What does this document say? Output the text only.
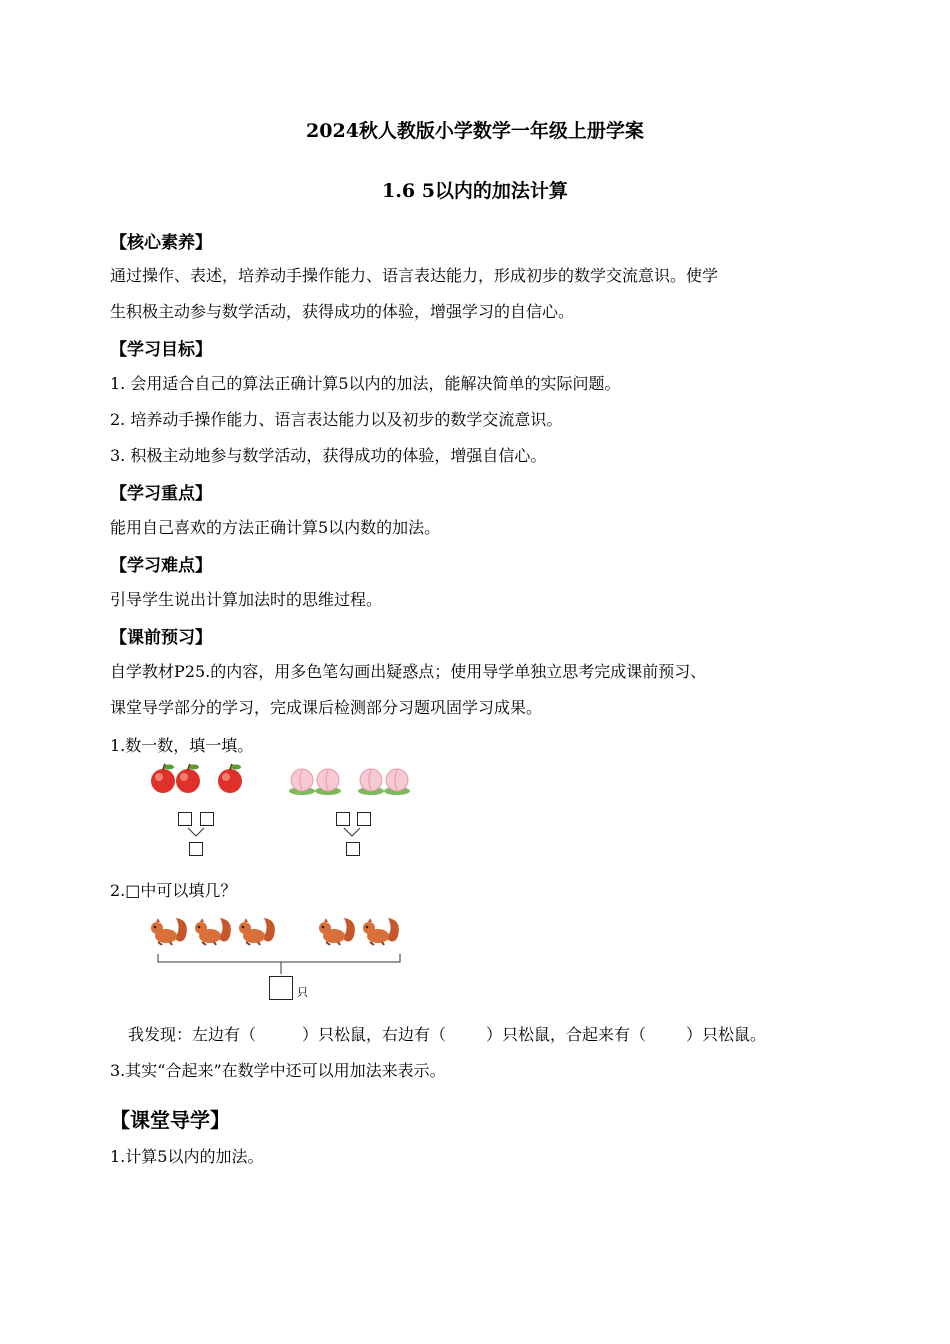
2024秋人教版小学数学一年级上册学案
1.6 5以内的加法计算
【核心素养】
通过操作、表述，培养动手操作能力、语言表达能力，形成初步的数学交流意识。使学
生积极主动参与数学活动，获得成功的体验，增强学习的自信心。
【学习目标】
1. 会用适合自己的算法正确计算5以内的加法，能解决简单的实际问题。
2. 培养动手操作能力、语言表达能力以及初步的数学交流意识。
3. 积极主动地参与数学活动，获得成功的体验，增强自信心。
【学习重点】
能用自己喜欢的方法正确计算5以内数的加法。
【学习难点】
引导学生说出计算加法时的思维过程。
【课前预习】
自学教材P25.的内容，用多色笔勾画出疑惑点；使用导学单独立思考完成课前预习、
课堂导学部分的学习，完成课后检测部分习题巩固学习成果。
1.数一数，填一填。
2.□中可以填几？
只
我发现：左边有（	）只松鼠，右边有（	）只松鼠，合起来有（	）只松鼠。
3.其实“合起来”在数学中还可以用加法来表示。
【课堂导学】
1.计算5以内的加法。
